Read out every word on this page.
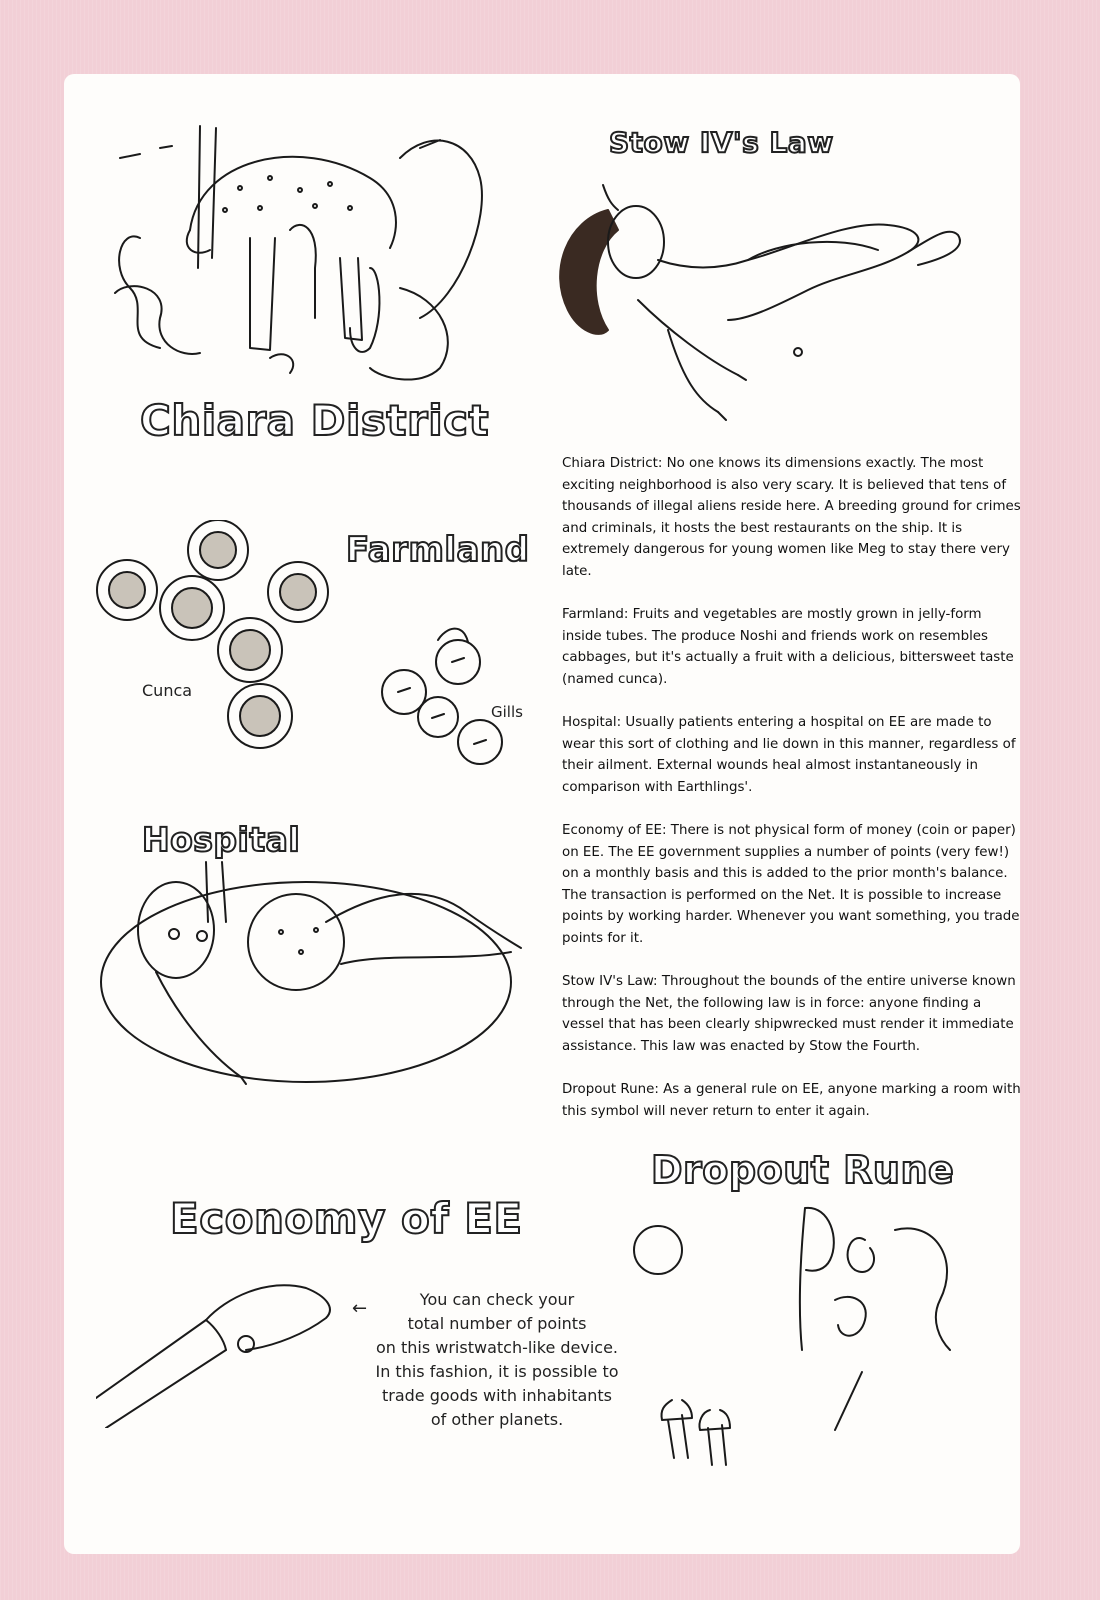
←
Stow IV's Law
Chiara District
Farmland
Hospital
Economy of EE
Dropout Rune
Cunca
Gills

Chiara District: No one knows its dimensions exactly. The most exciting neighborhood is also very scary. It is believed that tens of thousands of illegal aliens reside here. A breeding ground for crimes and criminals, it hosts the best restaurants on the ship. It is extremely dangerous for young women like Meg to stay there very late.

Farmland: Fruits and vegetables are mostly grown in jelly-form inside tubes. The produce Noshi and friends work on resembles cabbages, but it's actually a fruit with a delicious, bittersweet taste (named cunca).

Hospital: Usually patients entering a hospital on EE are made to wear this sort of clothing and lie down in this manner, regardless of their ailment. External wounds heal almost instantaneously in comparison with Earthlings'.

Economy of EE: There is not physical form of money (coin or paper) on EE. The EE government supplies a number of points (very few!) on a monthly basis and this is added to the prior month's balance. The transaction is performed on the Net. It is possible to increase points by working harder. Whenever you want something, you trade points for it.

Stow IV's Law: Throughout the bounds of the entire universe known through the Net, the following law is in force: anyone finding a vessel that has been clearly shipwrecked must render it immediate assistance. This law was enacted by Stow the Fourth.

Dropout Rune: As a general rule on EE, anyone marking a room with this symbol will never return to enter it again.

You can check your
total number of points
on this wristwatch-like device.
In this fashion, it is possible to
trade goods with inhabitants
of other planets.
